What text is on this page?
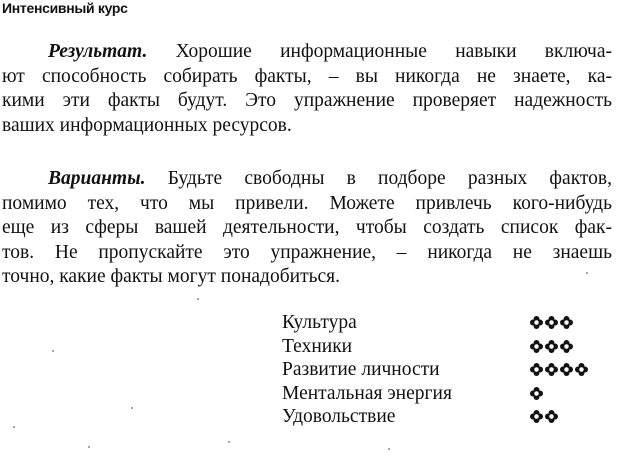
Интенсивный курс
Результат. Хорошие информационные навыки включа-
ют способность собирать факты, – вы никогда не знаете, ка-
кими эти факты будут. Это упражнение проверяет надежность
ваших информационных ресурсов.
Варианты. Будьте свободны в подборе разных фактов,
помимо тех, что мы привели. Можете привлечь кого-нибудь
еще из сферы вашей деятельности, чтобы создать список фак-
тов. Не пропускайте это упражнение, – никогда не знаешь
точно, какие факты могут понадобиться.
Культура
Техники
Развитие личности
Ментальная энергия
Удовольствие
